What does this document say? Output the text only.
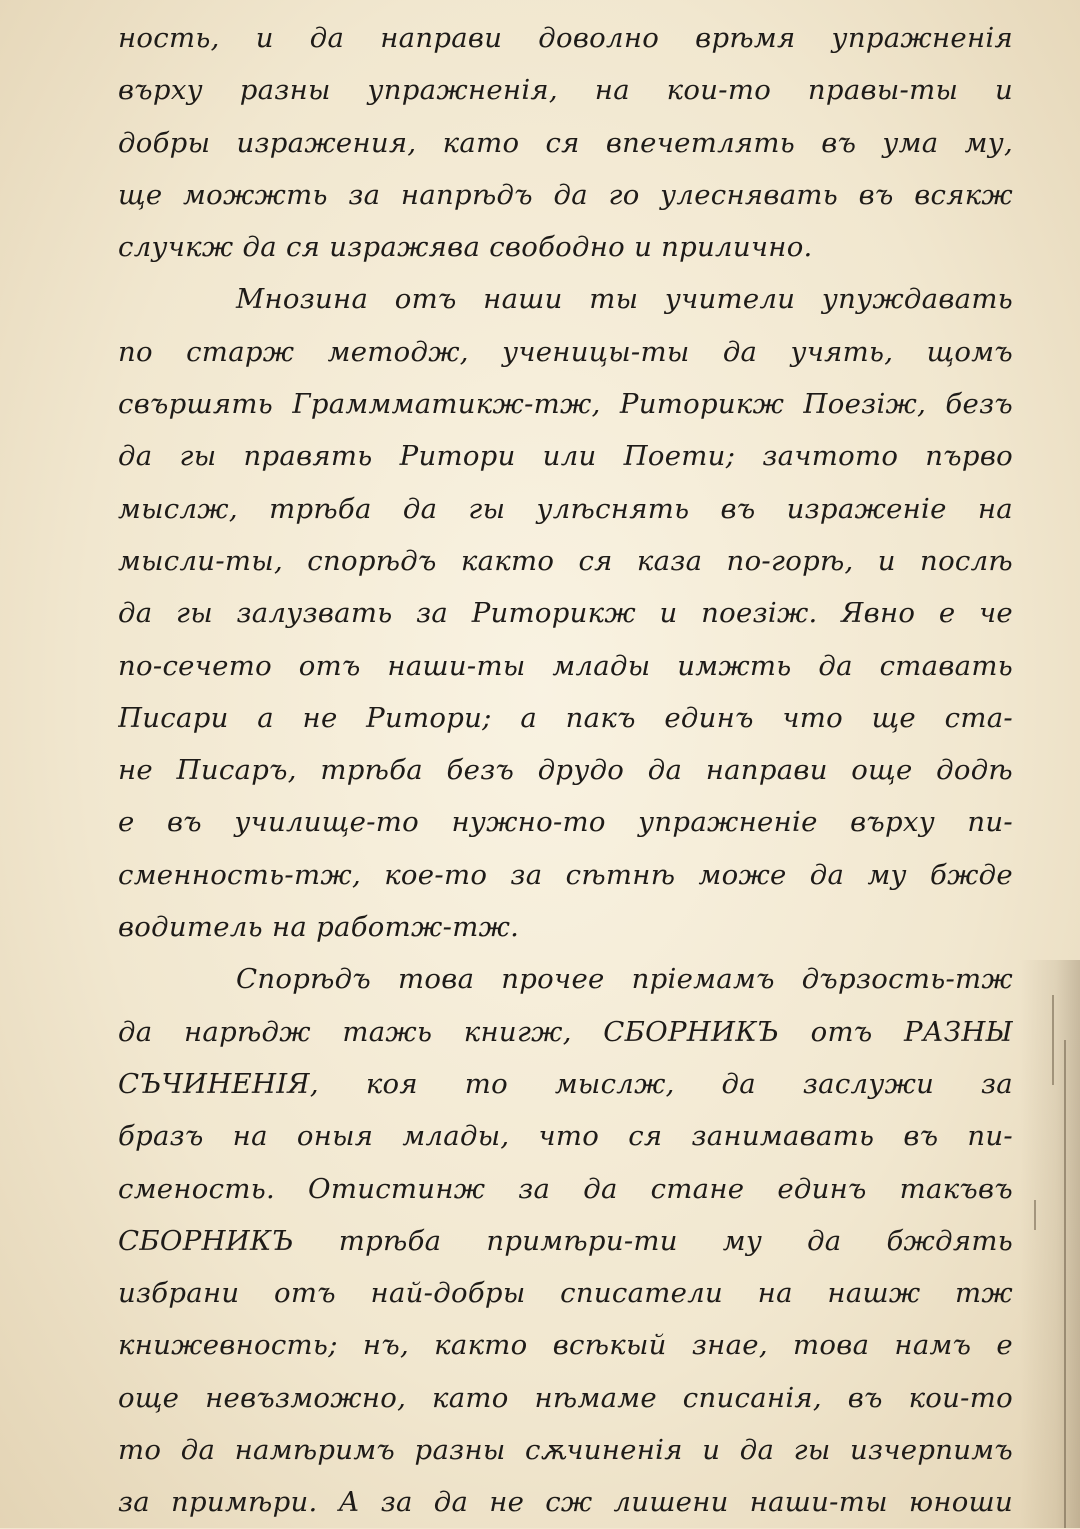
ность, и да направи доволно врѣмя упражненія
върху разны упражненія, на кои-то правы-ты и
добры изражения, като ся впечетлять въ ума му,
ще можжть за напрѣдъ да го улеснявать въ всякж
случкж да ся изражява свободно и прилично.
Мнозина отъ наши ты учители упуждавать
по старж методж, ученицы-ты да учять, щомъ
свършять Граммматикж-тж, Риторикж Поезіж, безъ
да гы правять Ритори или Поети; зачтото първо
мыслж, трѣба да гы улѣснять въ израженіе на
мысли-ты, спорѣдъ както ся каза по-горѣ, и послѣ
да гы залузвать за Риторикж и поезіж. Явно е че
по-сечето отъ наши-ты млады имжть да ставать
Писари а не Ритори; а пакъ единъ что ще ста-
не Писаръ, трѣба безъ друдо да направи още додѣ
е въ училище-то нужно-то упражненіе върху пи-
сменность-тж, кое-то за сѣтнѣ може да му бжде
водитель на работж-тж.
Спорѣдъ това прочее пріемамъ дързость-тж
да нарѣдж тажь книгж, СБОРНИКЪ отъ РАЗНЫ
СЪЧИНЕНІЯ, коя то мыслж, да заслужи за
бразъ на оныя млады, что ся занимавать въ пи-
сменость. Отистинж за да стане единъ такъвъ
СБОРНИКЪ трѣба примѣри-ти му да бждять
избрани отъ най-добры списатели на нашж тж
книжевность; нъ, както всѣкый знае, това намъ е
още невъзможно, като нѣмаме списанія, въ кои-то
то да намѣримъ разны сѫчиненія и да гы изчерпимъ
за примѣри. А за да не сж лишени наши-ты юноши
